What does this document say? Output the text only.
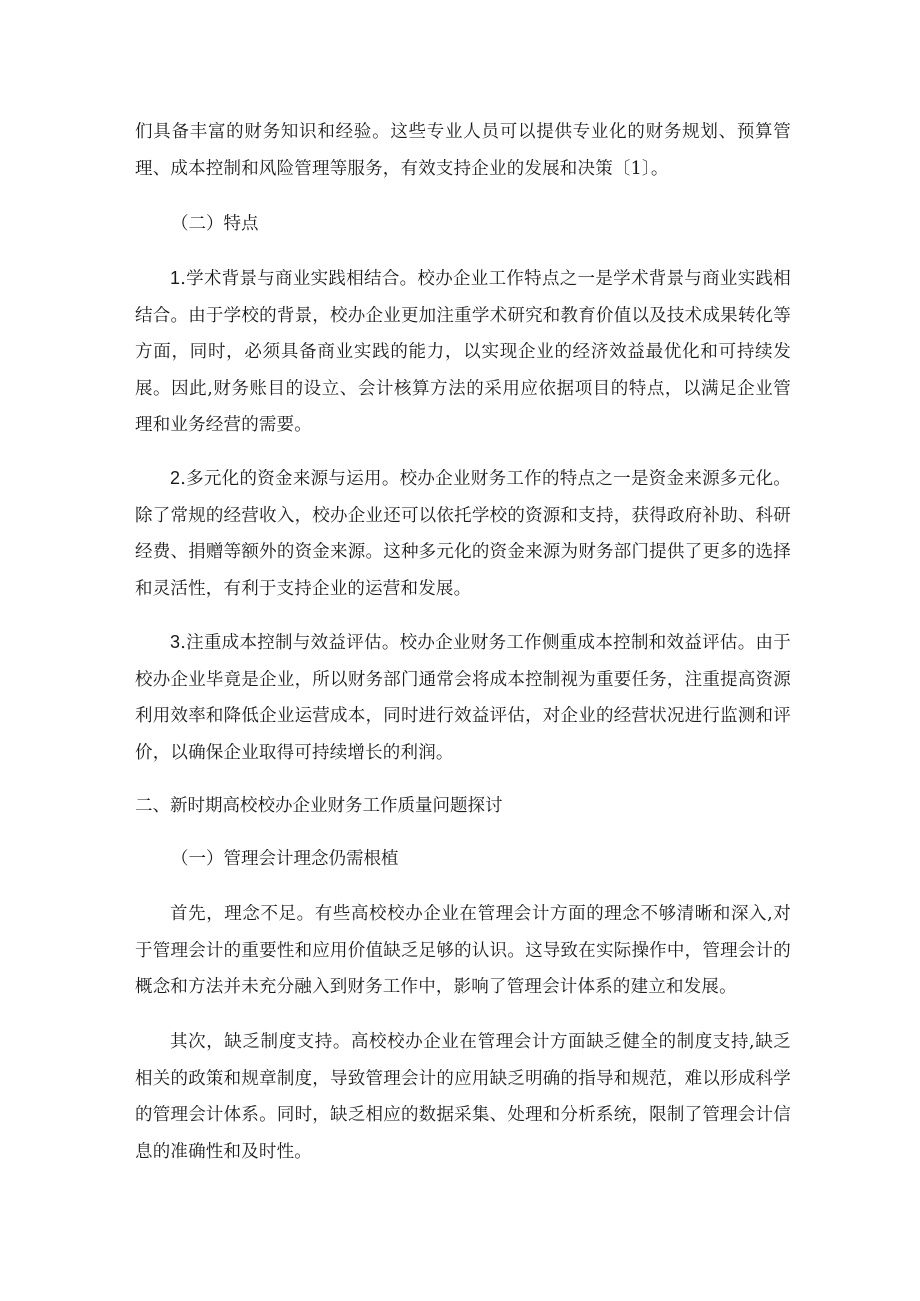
们具备丰富的财务知识和经验。这些专业人员可以提供专业化的财务规划、预算管理、成本控制和风险管理等服务，有效支持企业的发展和决策〔1〕。

（二）特点

1.学术背景与商业实践相结合。校办企业工作特点之一是学术背景与商业实践相结合。由于学校的背景，校办企业更加注重学术研究和教育价值以及技术成果转化等方面，同时，必须具备商业实践的能力，以实现企业的经济效益最优化和可持续发展。因此,财务账目的设立、会计核算方法的采用应依据项目的特点，以满足企业管理和业务经营的需要。

2.多元化的资金来源与运用。校办企业财务工作的特点之一是资金来源多元化。除了常规的经营收入，校办企业还可以依托学校的资源和支持，获得政府补助、科研经费、捐赠等额外的资金来源。这种多元化的资金来源为财务部门提供了更多的选择和灵活性，有利于支持企业的运营和发展。

3.注重成本控制与效益评估。校办企业财务工作侧重成本控制和效益评估。由于校办企业毕竟是企业，所以财务部门通常会将成本控制视为重要任务，注重提高资源利用效率和降低企业运营成本，同时进行效益评估，对企业的经营状况进行监测和评价，以确保企业取得可持续增长的利润。

二、新时期高校校办企业财务工作质量问题探讨

（一）管理会计理念仍需根植

首先，理念不足。有些高校校办企业在管理会计方面的理念不够清晰和深入,对于管理会计的重要性和应用价值缺乏足够的认识。这导致在实际操作中，管理会计的概念和方法并未充分融入到财务工作中，影响了管理会计体系的建立和发展。

其次，缺乏制度支持。高校校办企业在管理会计方面缺乏健全的制度支持,缺乏相关的政策和规章制度，导致管理会计的应用缺乏明确的指导和规范，难以形成科学的管理会计体系。同时，缺乏相应的数据采集、处理和分析系统，限制了管理会计信息的准确性和及时性。
